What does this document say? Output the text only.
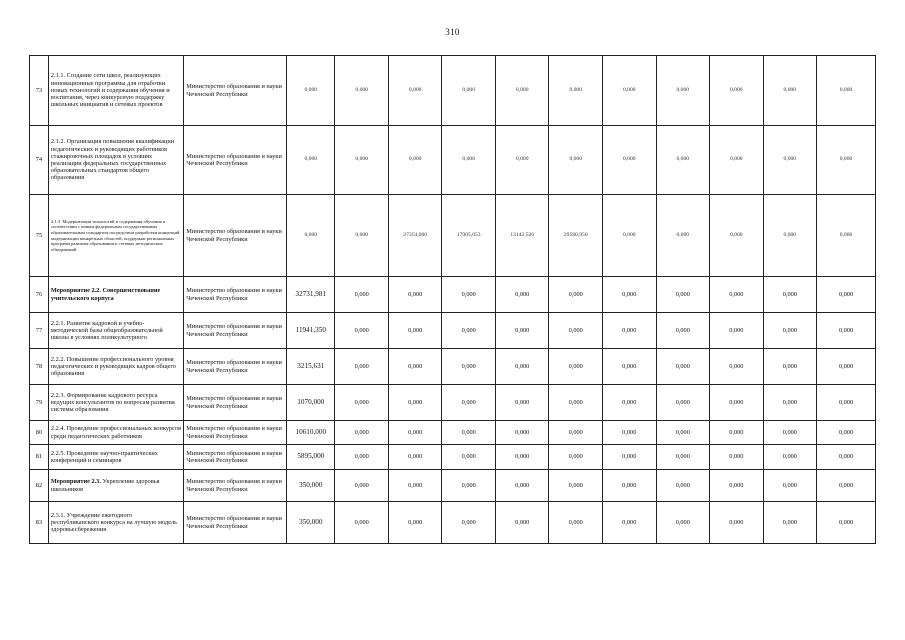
310
73	2.1.1. Создание сети школ, реализующих инновационные программы для отработки новых технологий и содержания обучения и воспитания, через конкурсную поддержку школьных инициатив и сетевых проектов	Министерство образования и науки Чеченской Республики	0,000	0,000	0,000	0,000	0,000	0,000	0,000	0,000	0,000	0,000	0,000
74	2.1.2. Организация повышения квалификации педагогических и руководящих работников стажировочных площадок в условиях реализации федеральных государственных образовательных стандартов общего образования	Министерство образования и науки Чеченской Республики	0,000	0,000	0,000	0,000	0,000	0,000	0,000	0,000	0,000	0,000	0,000
75	2.1.3. Модернизация технологий и содержания обучения в соответствии с новым федеральным государственным образовательным стандартом посредством разработки концепций модернизации конкретных областей, поддержки региональных программ развития образования и сетевых методических объединений	Министерство образования и науки Чеченской Республики	0,000	0,000	27354,000	17905,053	13142,526	29580,950	0,000	0,000	0,000	0,000	0,000
76	Мероприятие 2.2. Совершенствование учительского корпуса	Министерство образования и науки Чеченской Республики	32731,981	0,000	0,000	0,000	0,000	0,000	0,000	0,000	0,000	0,000	0,000
77	2.2.1. Развитие кадровой и учебно-методической базы общеобразовательной школы в условиях поликультурного	Министерство образования и науки Чеченской Республики	11941,350	0,000	0,000	0,000	0,000	0,000	0,000	0,000	0,000	0,000	0,000
78	2.2.2. Повышение профессионального уровня педагогических и руководящих кадров общего образования	Министерство образования и науки Чеченской Республики	3215,631	0,000	0,000	0,000	0,000	0,000	0,000	0,000	0,000	0,000	0,000
79	2.2.3. Формирование кадрового ресурса ведущих консультантов по вопросам развития системы образования	Министерство образования и науки Чеченской Республики	1070,000	0,000	0,000	0,000	0,000	0,000	0,000	0,000	0,000	0,000	0,000
80	2.2.4. Проведение профессиональных конкурсов среди педагогических работников	Министерство образования и науки Чеченской Республики	10610,000	0,000	0,000	0,000	0,000	0,000	0,000	0,000	0,000	0,000	0,000
81	2.2.5. Проведение научно-практических конференций и семинаров	Министерство образования и науки Чеченской Республики	5895,000	0,000	0,000	0,000	0,000	0,000	0,000	0,000	0,000	0,000	0,000
82	Мероприятие 2.3. Укрепление здоровья школьников	Министерство образования и науки Чеченской Республики	350,000	0,000	0,000	0,000	0,000	0,000	0,000	0,000	0,000	0,000	0,000
83	2.3.1. Учреждение ежегодного республиканского конкурса на лучшую модель здоровьесбережения	Министерство образования и науки Чеченской Республики	350,000	0,000	0,000	0,000	0,000	0,000	0,000	0,000	0,000	0,000	0,000
